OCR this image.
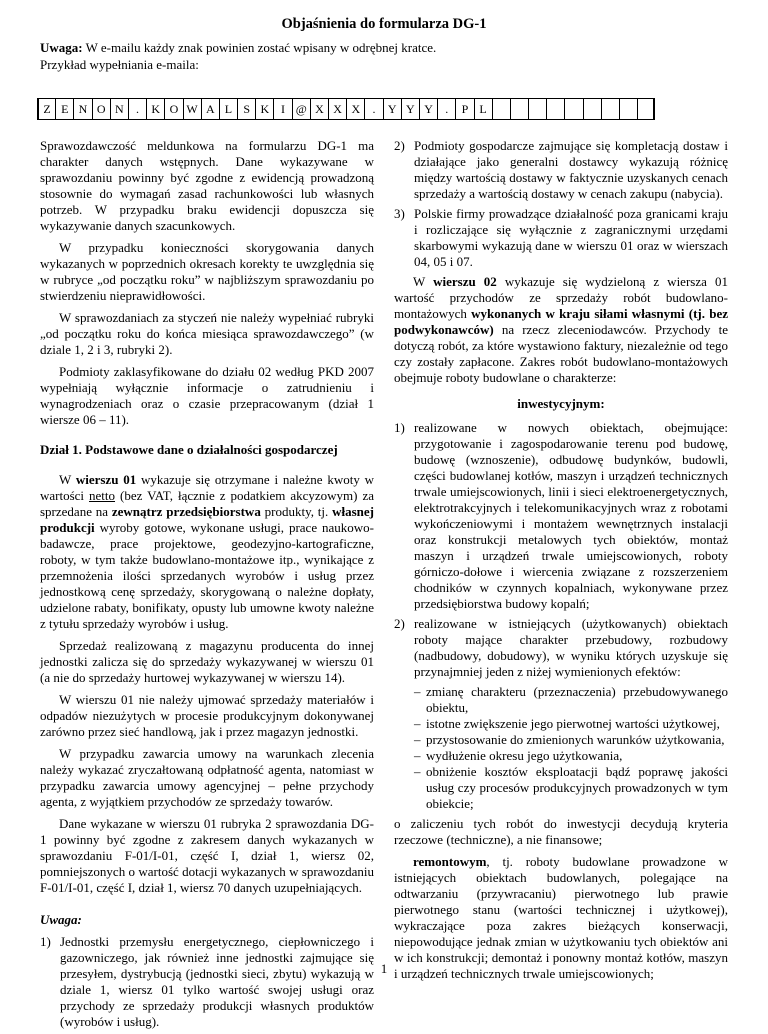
Objaśnienia do formularza DG-1
Uwaga: W e-mailu każdy znak powinien zostać wpisany w odrębnej kratce.
Przykład wypełniania e-maila:
Z E N O N	.	K O W A L S K I @ X X X	.	Y Y Y	.	P L

Sprawozdawczość meldunkowa na formularzu DG-1 ma charakter danych wstępnych. Dane wykazywane w sprawozdaniu powinny być zgodne z ewidencją prowadzoną stosownie do wymagań zasad rachunkowości lub własnych potrzeb. W przypadku braku ewidencji dopuszcza się wykazywanie danych szacunkowych.

W przypadku konieczności skorygowania danych wykazanych w poprzednich okresach korekty te uwzględnia się w rubryce „od początku roku” w najbliższym sprawozdaniu po stwierdzeniu nieprawidłowości.

W sprawozdaniach za styczeń nie należy wypełniać rubryki „od początku roku do końca miesiąca sprawozdawczego” (w dziale 1, 2 i 3, rubryki 2).

Podmioty zaklasyfikowane do działu 02 według PKD 2007 wypełniają wyłącznie informacje o zatrudnieniu i wynagrodzeniach oraz o czasie przepracowanym (dział 1 wiersze 06 – 11).

Dział 1. Podstawowe dane o działalności gospodarczej

W wierszu 01 wykazuje się otrzymane i należne kwoty w wartości netto (bez VAT, łącznie z podatkiem akcyzowym) za sprzedane na zewnątrz przedsiębiorstwa produkty, tj. własnej produkcji wyroby gotowe, wykonane usługi, prace naukowo-badawcze, prace projektowe, geodezyjno-kartograficzne, roboty, w tym także budowlano-montażowe itp., wynikające z przemnożenia ilości sprzedanych wyrobów i usług przez jednostkową cenę sprzedaży, skorygowaną o należne dopłaty, udzielone rabaty, bonifikaty, opusty lub umowne kwoty należne z tytułu sprzedaży wyrobów i usług.

Sprzedaż realizowaną z magazynu producenta do innej jednostki zalicza się do sprzedaży wykazywanej w wierszu 01 (a nie do sprzedaży hurtowej wykazywanej w wierszu 14).

W wierszu 01 nie należy ujmować sprzedaży materiałów i odpadów niezużytych w procesie produkcyjnym dokonywanej zarówno przez sieć handlową, jak i przez magazyn jednostki.

W przypadku zawarcia umowy na warunkach zlecenia należy wykazać zryczałtowaną odpłatność agenta, natomiast w przypadku zawarcia umowy agencyjnej – pełne przychody agenta, z wyjątkiem przychodów ze sprzedaży towarów.

Dane wykazane w wierszu 01 rubryka 2 sprawozdania DG-1 powinny być zgodne z zakresem danych wykazanych w sprawozdaniu F-01/I-01, część I, dział 1, wiersz 02, pomniejszonych o wartość dotacji wykazanych w sprawozdaniu F-01/I-01, część I, dział 1, wiersz 70 danych uzupełniających.

Uwaga:

1) Jednostki przemysłu energetycznego, ciepłowniczego i gazowniczego, jak również inne jednostki zajmujące się przesyłem, dystrybucją (jednostki sieci, zbytu) wykazują w dziale 1, wiersz 01 tylko wartość swojej usługi oraz przychody ze sprzedaży produkcji własnych produktów (wyrobów i usług).
2) Podmioty gospodarcze zajmujące się kompletacją dostaw i działające jako generalni dostawcy wykazują różnicę między wartością dostawy w faktycznie uzyskanych cenach sprzedaży a wartością dostawy w cenach zakupu (nabycia).
3) Polskie firmy prowadzące działalność poza granicami kraju i rozliczające się wyłącznie z zagranicznymi urzędami skarbowymi wykazują dane w wierszu 01 oraz w wierszach 04, 05 i 07.

W wierszu 02 wykazuje się wydzieloną z wiersza 01 wartość przychodów ze sprzedaży robót budowlano-montażowych wykonanych w kraju siłami własnymi (tj. bez podwykonawców) na rzecz zleceniodawców. Przychody te dotyczą robót, za które wystawiono faktury, niezależnie od tego czy zostały zapłacone. Zakres robót budowlano-montażowych obejmuje roboty budowlane o charakterze:

inwestycyjnym:
1) realizowane w nowych obiektach, obejmujące: przygotowanie i zagospodarowanie terenu pod budowę, budowę (wznoszenie), odbudowę budynków, budowli, części budowlanej kotłów, maszyn i urządzeń technicznych trwale umiejscowionych, linii i sieci elektroenergetycznych, elektrotrakcyjnych i telekomunikacyjnych wraz z robotami wykończeniowymi i montażem wewnętrznych instalacji oraz konstrukcji metalowych tych obiektów, montaż maszyn i urządzeń trwale umiejscowionych, roboty górniczo-dołowe i wiercenia związane z rozszerzeniem chodników w czynnych kopalniach, wykonywane przez przedsiębiorstwa budowy kopalń;
2) realizowane w istniejących (użytkowanych) obiektach roboty mające charakter przebudowy, rozbudowy (nadbudowy, dobudowy), w wyniku których uzyskuje się przynajmniej jeden z niżej wymienionych efektów:
– zmianę charakteru (przeznaczenia) przebudowywanego obiektu,
– istotne zwiększenie jego pierwotnej wartości użytkowej,
– przystosowanie do zmienionych warunków użytkowania,
– wydłużenie okresu jego użytkowania,
– obniżenie kosztów eksploatacji bądź poprawę jakości usług czy procesów produkcyjnych prowadzonych w tym obiekcie;

o zaliczeniu tych robót do inwestycji decydują kryteria rzeczowe (techniczne), a nie finansowe;

remontowym, tj. roboty budowlane prowadzone w istniejących obiektach budowlanych, polegające na odtwarzaniu (przywracaniu) pierwotnego lub prawie pierwotnego stanu (wartości technicznej i użytkowej), wykraczające poza zakres bieżących konserwacji, niepowodujące jednak zmian w użytkowaniu tych obiektów ani w ich konstrukcji; demontaż i ponowny montaż kotłów, maszyn i urządzeń technicznych trwale umiejscowionych;

1
